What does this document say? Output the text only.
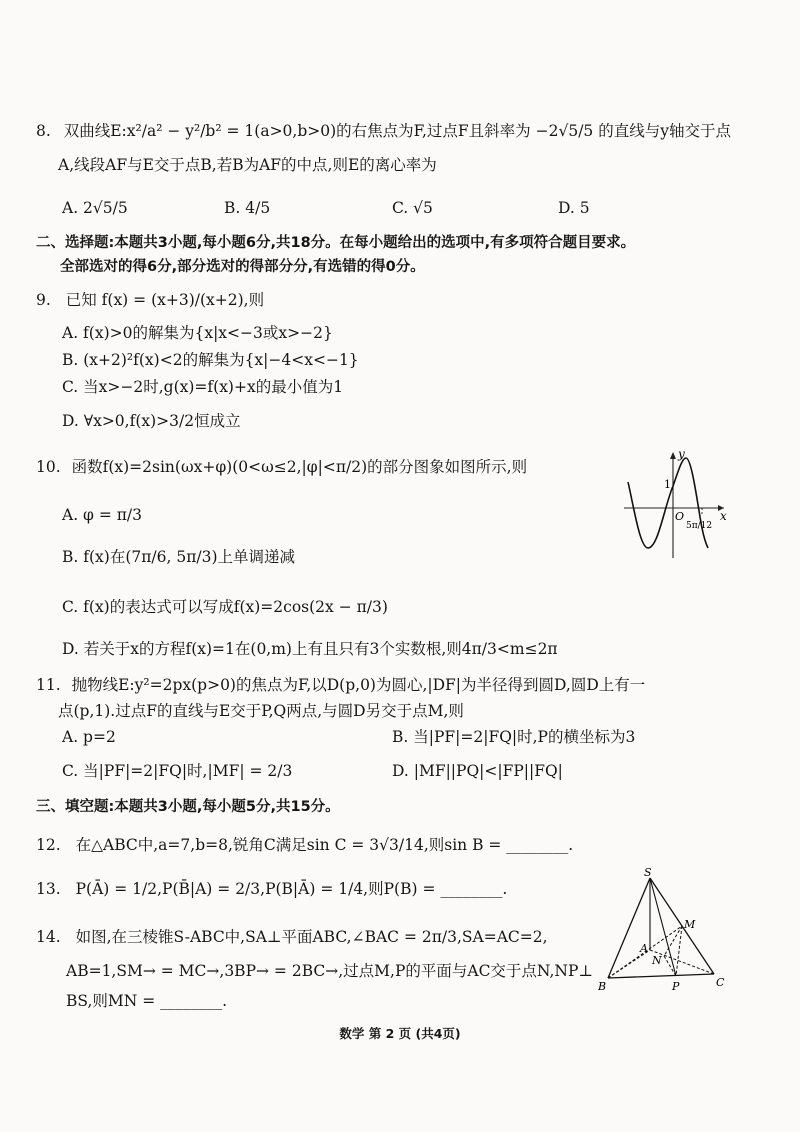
8. 双曲线E:x²/a² − y²/b² = 1(a>0,b>0)的右焦点为F,过点F且斜率为 −2√5/5 的直线与y轴交于点
A,线段AF与E交于点B,若B为AF的中点,则E的离心率为
A. 2√5/5	B. 4/5	C. √5	D. 5
二、选择题:本题共3小题,每小题6分,共18分。在每小题给出的选项中,有多项符合题目要求。
全部选对的得6分,部分选对的得部分分,有选错的得0分。
9. 已知 f(x) = (x+3)/(x+2),则
A. f(x)>0的解集为{x|x<−3或x>−2}
B. (x+2)²f(x)<2的解集为{x|−4<x<−1}
C. 当x>−2时,g(x)=f(x)+x的最小值为1
D. ∀x>0,f(x)>3/2恒成立
10. 函数f(x)=2sin(ωx+φ)(0<ω≤2,|φ|<π/2)的部分图象如图所示,则
A. φ = π/3
B. f(x)在(7π/6, 5π/3)上单调递减
C. f(x)的表达式可以写成f(x)=2cos(2x − π/3)
D. 若关于x的方程f(x)=1在(0,m)上有且只有3个实数根,则4π/3<m≤2π
y
x
O
1
5π/12
11. 抛物线E:y²=2px(p>0)的焦点为F,以D(p,0)为圆心,|DF|为半径得到圆D,圆D上有一
点(p,1).过点F的直线与E交于P,Q两点,与圆D另交于点M,则
A. p=2	B. 当|PF|=2|FQ|时,P的横坐标为3
C. 当|PF|=2|FQ|时,|MF| = 2/3	D. |MF||PQ|<|FP||FQ|
三、填空题:本题共3小题,每小题5分,共15分。
12. 在△ABC中,a=7,b=8,锐角C满足sin C = 3√3/14,则sin B = ________.
13. P(Ā) = 1/2,P(B̄|A) = 2/3,P(B|Ā) = 1/4,则P(B) = ________.
14. 如图,在三棱锥S-ABC中,SA⊥平面ABC,∠BAC = 2π/3,SA=AC=2,
AB=1,SM→ = MC→,3BP→ = 2BC→,过点M,P的平面与AC交于点N,NP⊥
BS,则MN = ________.
S
M
A
N
B	P	C
数学 第 2 页 (共4页)
